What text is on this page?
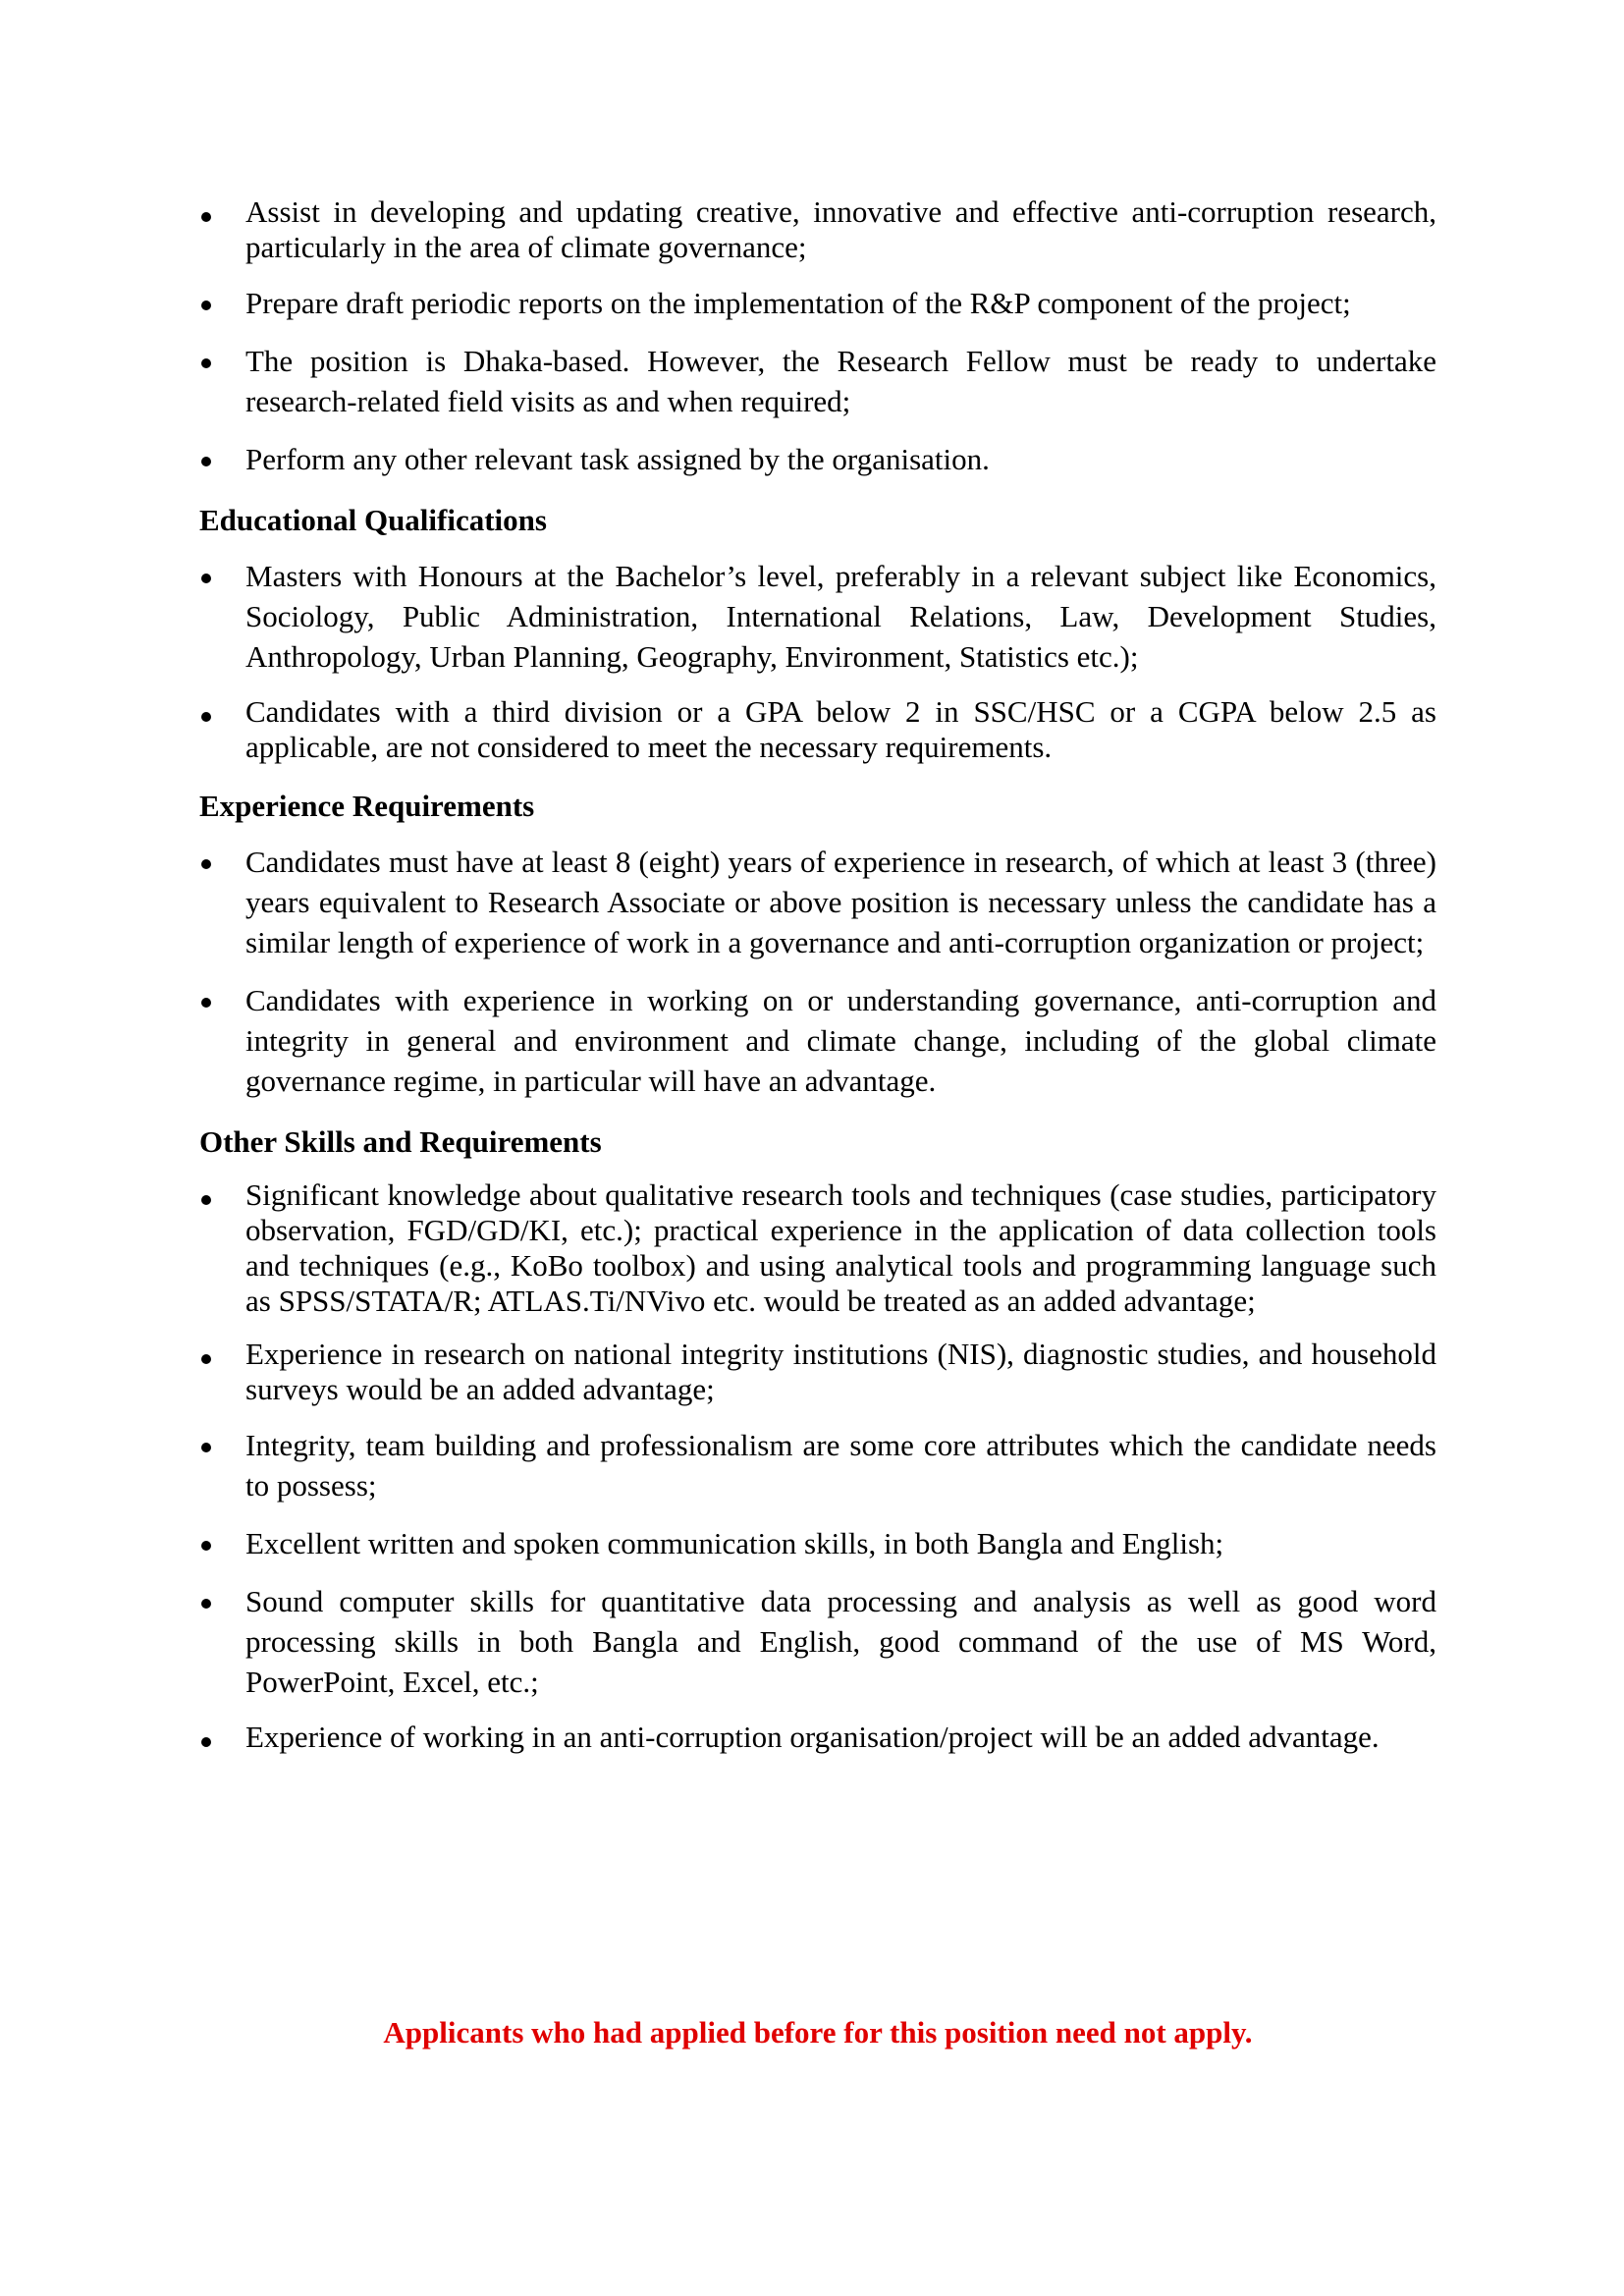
Assist in developing and updating creative, innovative and effective anti-corruption research, particularly in the area of climate governance;
Prepare draft periodic reports on the implementation of the R&P component of the project;
The position is Dhaka-based. However, the Research Fellow must be ready to undertake research-related field visits as and when required;
Perform any other relevant task assigned by the organisation.
Educational Qualifications
Masters with Honours at the Bachelor’s level, preferably in a relevant subject like Economics, Sociology, Public Administration, International Relations, Law, Development Studies, Anthropology, Urban Planning, Geography, Environment, Statistics etc.);
Candidates with a third division or a GPA below 2 in SSC/HSC or a CGPA below 2.5 as applicable, are not considered to meet the necessary requirements.
Experience Requirements
Candidates must have at least 8 (eight) years of experience in research, of which at least 3 (three) years equivalent to Research Associate or above position is necessary unless the candidate has a similar length of experience of work in a governance and anti-corruption organization or project;
Candidates with experience in working on or understanding governance, anti-corruption and integrity in general and environment and climate change, including of the global climate governance regime, in particular will have an advantage.
Other Skills and Requirements
Significant knowledge about qualitative research tools and techniques (case studies, participatory observation, FGD/GD/KI, etc.); practical experience in the application of data collection tools and techniques (e.g., KoBo toolbox) and using analytical tools and programming language such as SPSS/STATA/R; ATLAS.Ti/NVivo etc. would be treated as an added advantage;
Experience in research on national integrity institutions (NIS), diagnostic studies, and household surveys would be an added advantage;
Integrity, team building and professionalism are some core attributes which the candidate needs to possess;
Excellent written and spoken communication skills, in both Bangla and English;
Sound computer skills for quantitative data processing and analysis as well as good word processing skills in both Bangla and English, good command of the use of MS Word, PowerPoint, Excel, etc.;
Experience of working in an anti-corruption organisation/project will be an added advantage.
Applicants who had applied before for this position need not apply.
